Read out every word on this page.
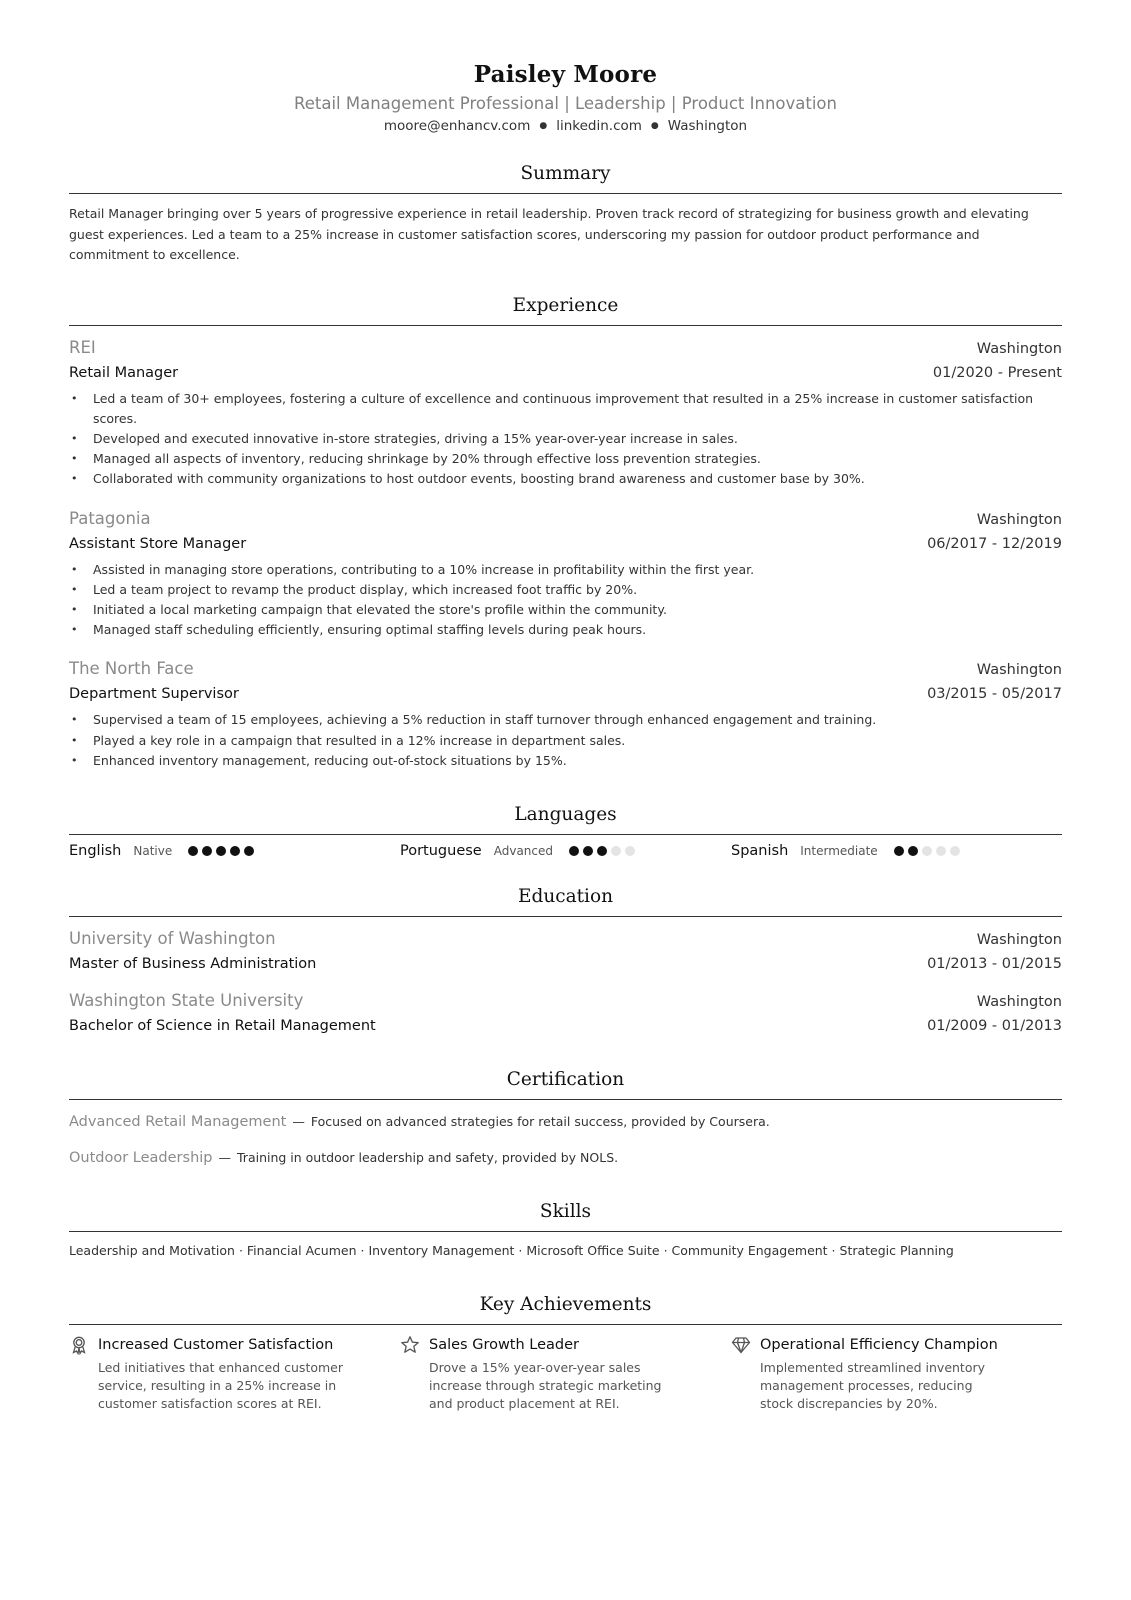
Paisley Moore
Retail Management Professional | Leadership | Product Innovation
moore@enhancv.com ● linkedin.com ● Washington
Summary
Retail Manager bringing over 5 years of progressive experience in retail leadership. Proven track record of strategizing for business growth and elevating guest experiences. Led a team to a 25% increase in customer satisfaction scores, underscoring my passion for outdoor product performance and commitment to excellence.
Experience
REI	Washington
Retail Manager	01/2020 - Present
• Led a team of 30+ employees, fostering a culture of excellence and continuous improvement that resulted in a 25% increase in customer satisfaction scores.
• Developed and executed innovative in-store strategies, driving a 15% year-over-year increase in sales.
• Managed all aspects of inventory, reducing shrinkage by 20% through effective loss prevention strategies.
• Collaborated with community organizations to host outdoor events, boosting brand awareness and customer base by 30%.
Patagonia	Washington
Assistant Store Manager	06/2017 - 12/2019
• Assisted in managing store operations, contributing to a 10% increase in profitability within the first year.
• Led a team project to revamp the product display, which increased foot traffic by 20%.
• Initiated a local marketing campaign that elevated the store's profile within the community.
• Managed staff scheduling efficiently, ensuring optimal staffing levels during peak hours.
The North Face	Washington
Department Supervisor	03/2015 - 05/2017
• Supervised a team of 15 employees, achieving a 5% reduction in staff turnover through enhanced engagement and training.
• Played a key role in a campaign that resulted in a 12% increase in department sales.
• Enhanced inventory management, reducing out-of-stock situations by 15%.
Languages
English Native	Portuguese Advanced	Spanish Intermediate
Education
University of Washington	Washington
Master of Business Administration	01/2013 - 01/2015
Washington State University	Washington
Bachelor of Science in Retail Management	01/2009 - 01/2013
Certification
Advanced Retail Management — Focused on advanced strategies for retail success, provided by Coursera.
Outdoor Leadership — Training in outdoor leadership and safety, provided by NOLS.
Skills
Leadership and Motivation · Financial Acumen · Inventory Management · Microsoft Office Suite · Community Engagement · Strategic Planning
Key Achievements
Increased Customer Satisfaction
Led initiatives that enhanced customer service, resulting in a 25% increase in customer satisfaction scores at REI.
Sales Growth Leader
Drove a 15% year-over-year sales increase through strategic marketing and product placement at REI.
Operational Efficiency Champion
Implemented streamlined inventory management processes, reducing stock discrepancies by 20%.
